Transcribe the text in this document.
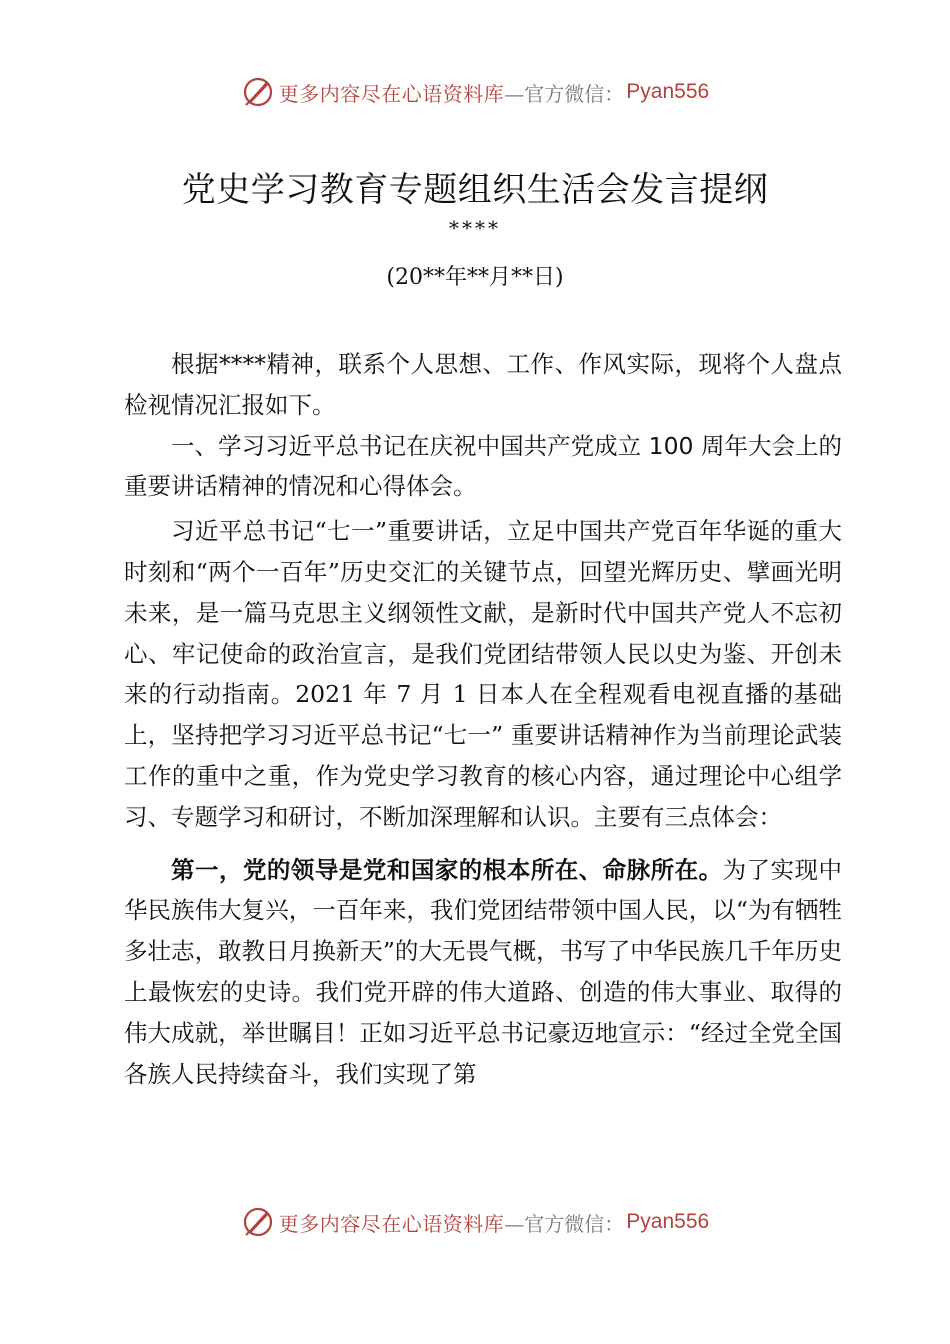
更多内容尽在心语资料库 —官方微信： Pyan556
党史学习教育专题组织生活会发言提纲
****
(20**年**月**日)

根据****精神，联系个人思想、工作、作风实际，现将个人盘点检视情况汇报如下。

一、学习习近平总书记在庆祝中国共产党成立 100 周年大会上的重要讲话精神的情况和心得体会。

习近平总书记“七一”重要讲话，立足中国共产党百年华诞的重大时刻和“两个一百年”历史交汇的关键节点，回望光辉历史、擘画光明未来，是一篇马克思主义纲领性文献，是新时代中国共产党人不忘初心、牢记使命的政治宣言，是我们党团结带领人民以史为鉴、开创未来的行动指南。2021 年 7 月 1 日本人在全程观看电视直播的基础上，坚持把学习习近平总书记“七一” 重要讲话精神作为当前理论武装工作的重中之重，作为党史学习教育的核心内容，通过理论中心组学习、专题学习和研讨，不断加深理解和认识。主要有三点体会：

第一，党的领导是党和国家的根本所在、命脉所在。为了实现中华民族伟大复兴，一百年来，我们党团结带领中国人民，以“为有牺牲多壮志，敢教日月换新天”的大无畏气概，书写了中华民族几千年历史上最恢宏的史诗。我们党开辟的伟大道路、创造的伟大事业、取得的伟大成就，举世瞩目！正如习近平总书记豪迈地宣示：“经过全党全国各族人民持续奋斗，我们实现了第

更多内容尽在心语资料库 —官方微信： Pyan556
